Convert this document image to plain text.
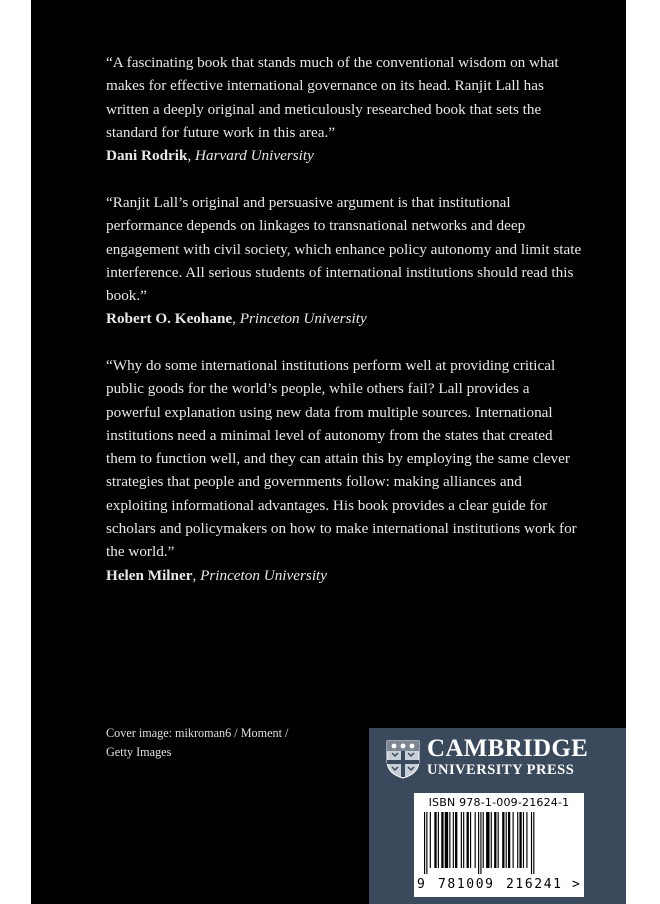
“A fascinating book that stands much of the conventional wisdom on what makes for effective international governance on its head. Ranjit Lall has written a deeply original and meticulously researched book that sets the standard for future work in this area.”

Dani Rodrik, Harvard University

“Ranjit Lall’s original and persuasive argument is that institutional performance depends on linkages to transnational networks and deep engagement with civil society, which enhance policy autonomy and limit state interference. All serious students of international institutions should read this book.”

Robert O. Keohane, Princeton University

“Why do some international institutions perform well at providing critical public goods for the world’s people, while others fail? Lall provides a powerful explanation using new data from multiple sources. International institutions need a minimal level of autonomy from the states that created them to function well, and they can attain this by employing the same clever strategies that people and governments follow: making alliances and exploiting informational advantages. His book provides a clear guide for scholars and policymakers on how to make international institutions work for the world.”

Helen Milner, Princeton University

Cover image: mikroman6 / Moment / Getty Images	CAMBRIDGE
UNIVERSITY PRESS
ISBN 978-1-009-21624-1
9 781009 216241 >
